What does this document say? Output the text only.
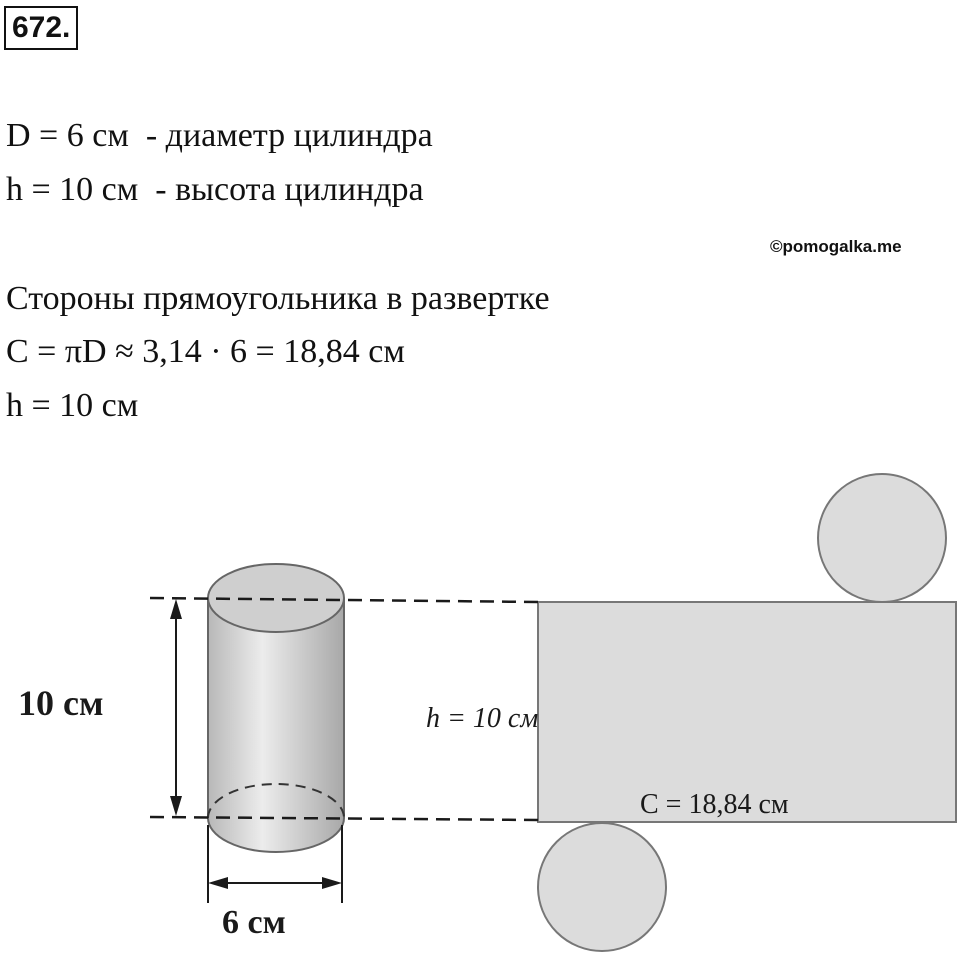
672.
D = 6 см  - диаметр цилиндра
h = 10 см  - высота цилиндра
©pomogalka.me
Стороны прямоугольника в развертке
C = πD ≈ 3,14 · 6 = 18,84 см
h = 10 см
10 см
6 см
h = 10 см
C = 18,84 см
